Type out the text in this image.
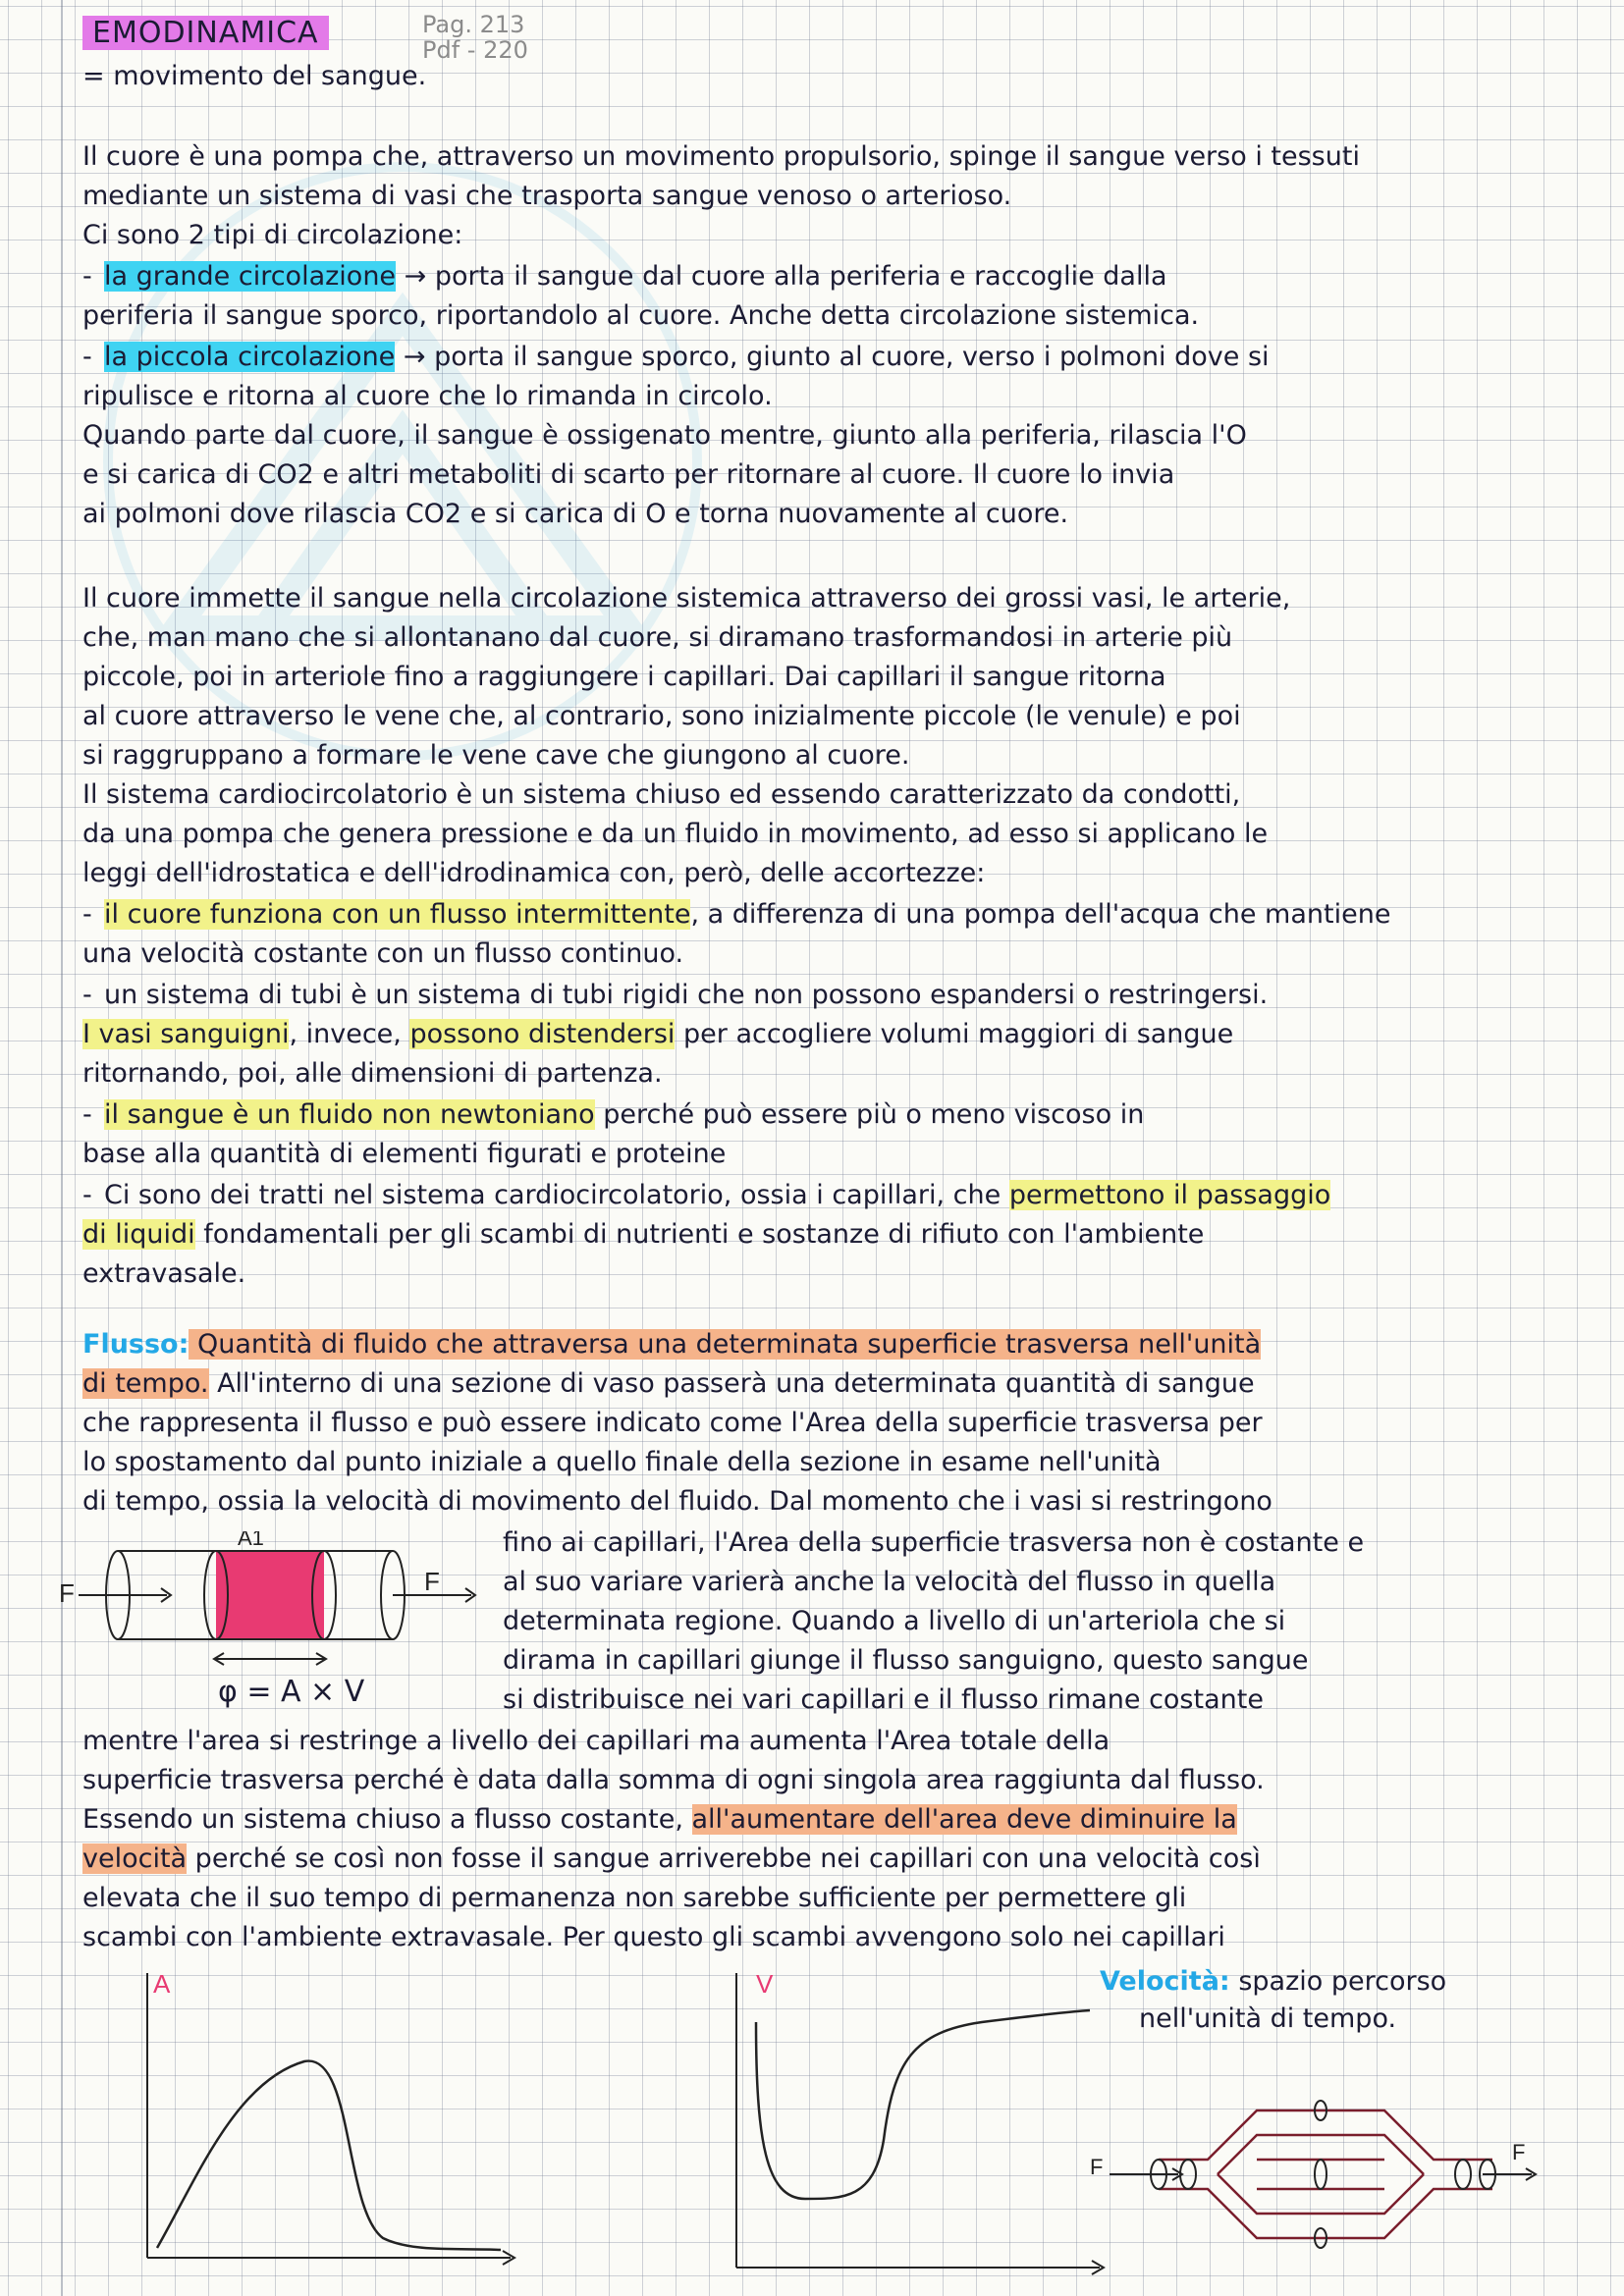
EMODINAMICA	Pag. 213 Pdf - 220
= movimento del sangue.
Il cuore è una pompa che, attraverso un movimento propulsorio, spinge il sangue verso i tessuti
mediante un sistema di vasi che trasporta sangue venoso o arterioso.
Ci sono 2 tipi di circolazione:
- la grande circolazione → porta il sangue dal cuore alla periferia e raccoglie dalla
periferia il sangue sporco, riportandolo al cuore. Anche detta circolazione sistemica.
- la piccola circolazione → porta il sangue sporco, giunto al cuore, verso i polmoni dove si
ripulisce e ritorna al cuore che lo rimanda in circolo.
Quando parte dal cuore, il sangue è ossigenato mentre, giunto alla periferia, rilascia l'O
e si carica di CO2 e altri metaboliti di scarto per ritornare al cuore. Il cuore lo invia
ai polmoni dove rilascia CO2 e si carica di O e torna nuovamente al cuore.
Il cuore immette il sangue nella circolazione sistemica attraverso dei grossi vasi, le arterie,
che, man mano che si allontanano dal cuore, si diramano trasformandosi in arterie più
piccole, poi in arteriole fino a raggiungere i capillari. Dai capillari il sangue ritorna
al cuore attraverso le vene che, al contrario, sono inizialmente piccole (le venule) e poi
si raggruppano a formare le vene cave che giungono al cuore.
Il sistema cardiocircolatorio è un sistema chiuso ed essendo caratterizzato da condotti,
da una pompa che genera pressione e da un fluido in movimento, ad esso si applicano le
leggi dell'idrostatica e dell'idrodinamica con, però, delle accortezze:
- il cuore funziona con un flusso intermittente, a differenza di una pompa dell'acqua che mantiene
una velocità costante con un flusso continuo.
- un sistema di tubi è un sistema di tubi rigidi che non possono espandersi o restringersi.
I vasi sanguigni, invece, possono distendersi per accogliere volumi maggiori di sangue
ritornando, poi, alle dimensioni di partenza.
- il sangue è un fluido non newtoniano perché può essere più o meno viscoso in
base alla quantità di elementi figurati e proteine
- Ci sono dei tratti nel sistema cardiocircolatorio, ossia i capillari, che permettono il passaggio
di liquidi fondamentali per gli scambi di nutrienti e sostanze di rifiuto con l'ambiente
extravasale.
Flusso: Quantità di fluido che attraversa una determinata superficie trasversa nell'unità
di tempo. All'interno di una sezione di vaso passerà una determinata quantità di sangue
che rappresenta il flusso e può essere indicato come l'Area della superficie trasversa per
lo spostamento dal punto iniziale a quello finale della sezione in esame nell'unità
di tempo, ossia la velocità di movimento del fluido. Dal momento che i vasi si restringono
fino ai capillari, l'Area della superficie trasversa non è costante e
al suo variare varierà anche la velocità del flusso in quella
determinata regione. Quando a livello di un'arteriola che si
dirama in capillari giunge il flusso sanguigno, questo sangue
si distribuisce nei vari capillari e il flusso rimane costante
mentre l'area si restringe a livello dei capillari ma aumenta l'Area totale della
superficie trasversa perché è data dalla somma di ogni singola area raggiunta dal flusso.
Essendo un sistema chiuso a flusso costante, all'aumentare dell'area deve diminuire la
velocità perché se così non fosse il sangue arriverebbe nei capillari con una velocità così
elevata che il suo tempo di permanenza non sarebbe sufficiente per permettere gli
scambi con l'ambiente extravasale. Per questo gli scambi avvengono solo nei capillari
F	F
A1
φ = A × V
Velocità: spazio percorso
nell'unità di tempo.
A	V
F
F
